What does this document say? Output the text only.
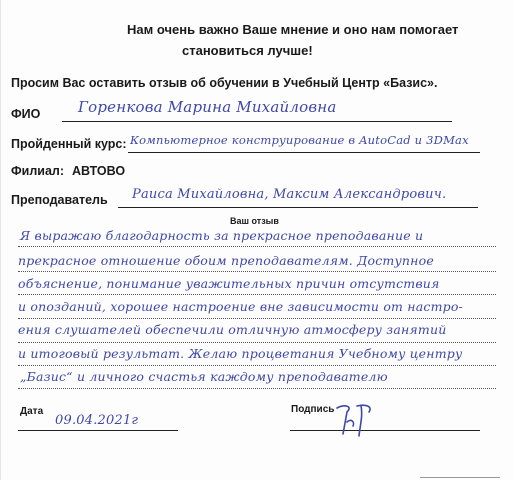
Нам очень важно Ваше мнение и оно нам помогает
становиться лучше!
Просим Вас оставить отзыв об обучении в Учебный Центр «Базис».
ФИО	Горенкова Марина Михайловна
Пройденный курс: Компьютерное конструирование в AutoCad и 3DMax
Филиал: АВТОВО
Преподаватель Раиса Михайловна, Максим Александрович.
Ваш отзыв
Я выражаю благодарность за прекрасное преподавание и
прекрасное отношение обоим преподавателям. Доступное
объяснение, понимание уважительных причин отсутствия
и опозданий, хорошее настроение вне зависимости от настро-
ения слушателей обеспечили отличную атмосферу занятий
и итоговый результат. Желаю процветания Учебному центру
„Базис“ и личного счастья каждому преподавателю
Дата
09.04.2021г
Подпись
